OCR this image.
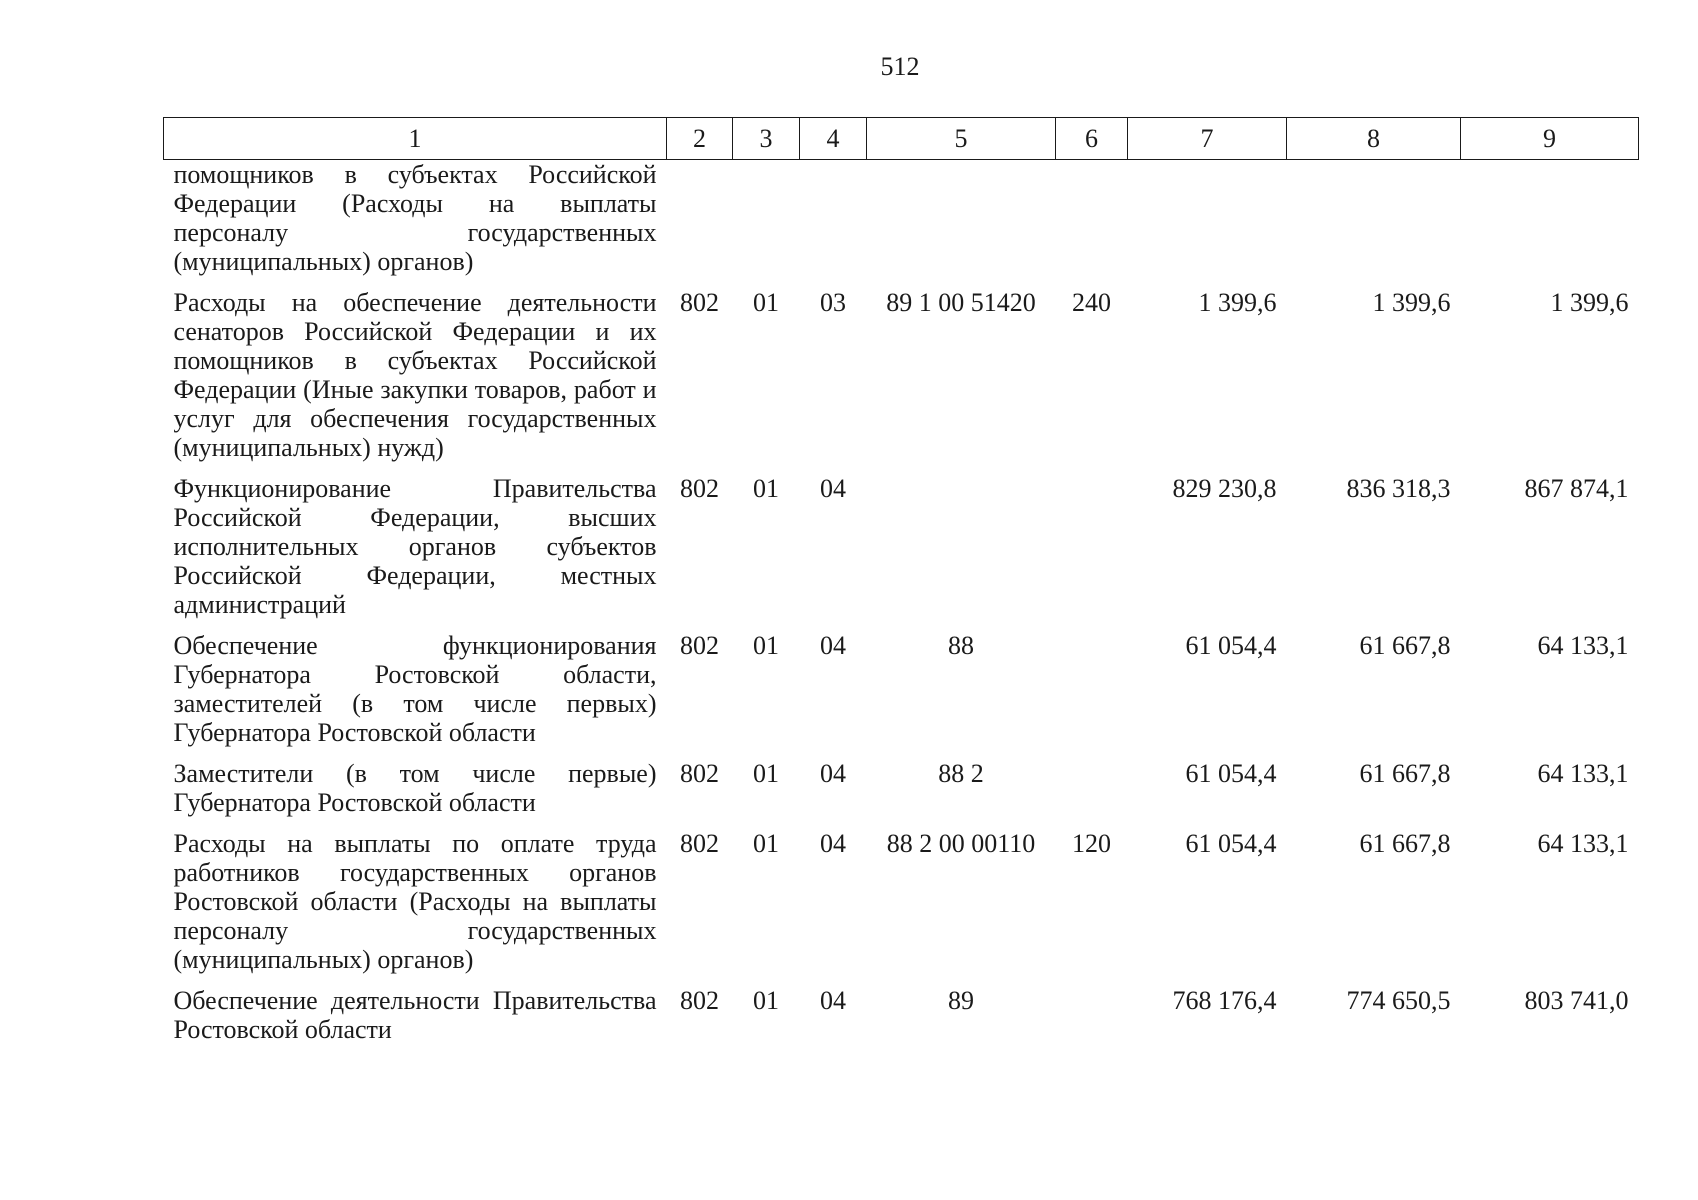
512
1	2	3	4	5	6	7	8	9
помощников в субъектах Российской Федерации (Расходы на выплаты персоналу государственных (муниципальных) органов)								
Расходы на обеспечение деятельности сенаторов Российской Федерации и их помощников в субъектах Российской Федерации (Иные закупки товаров, работ и услуг для обеспечения государственных (муниципальных) нужд)	802	01	03	89 1 00 51420	240	1 399,6	1 399,6	1 399,6
Функционирование Правительства Российской Федерации, высших исполнительных органов субъектов Российской Федерации, местных администраций	802	01	04			829 230,8	836 318,3	867 874,1
Обеспечение функционирования Губернатора Ростовской области, заместителей (в том числе первых) Губернатора Ростовской области	802	01	04	88		61 054,4	61 667,8	64 133,1
Заместители (в том числе первые) Губернатора Ростовской области	802	01	04	88 2		61 054,4	61 667,8	64 133,1
Расходы на выплаты по оплате труда работников государственных органов Ростовской области (Расходы на выплаты персоналу государственных (муниципальных) органов)	802	01	04	88 2 00 00110	120	61 054,4	61 667,8	64 133,1
Обеспечение деятельности Правительства Ростовской области	802	01	04	89		768 176,4	774 650,5	803 741,0
